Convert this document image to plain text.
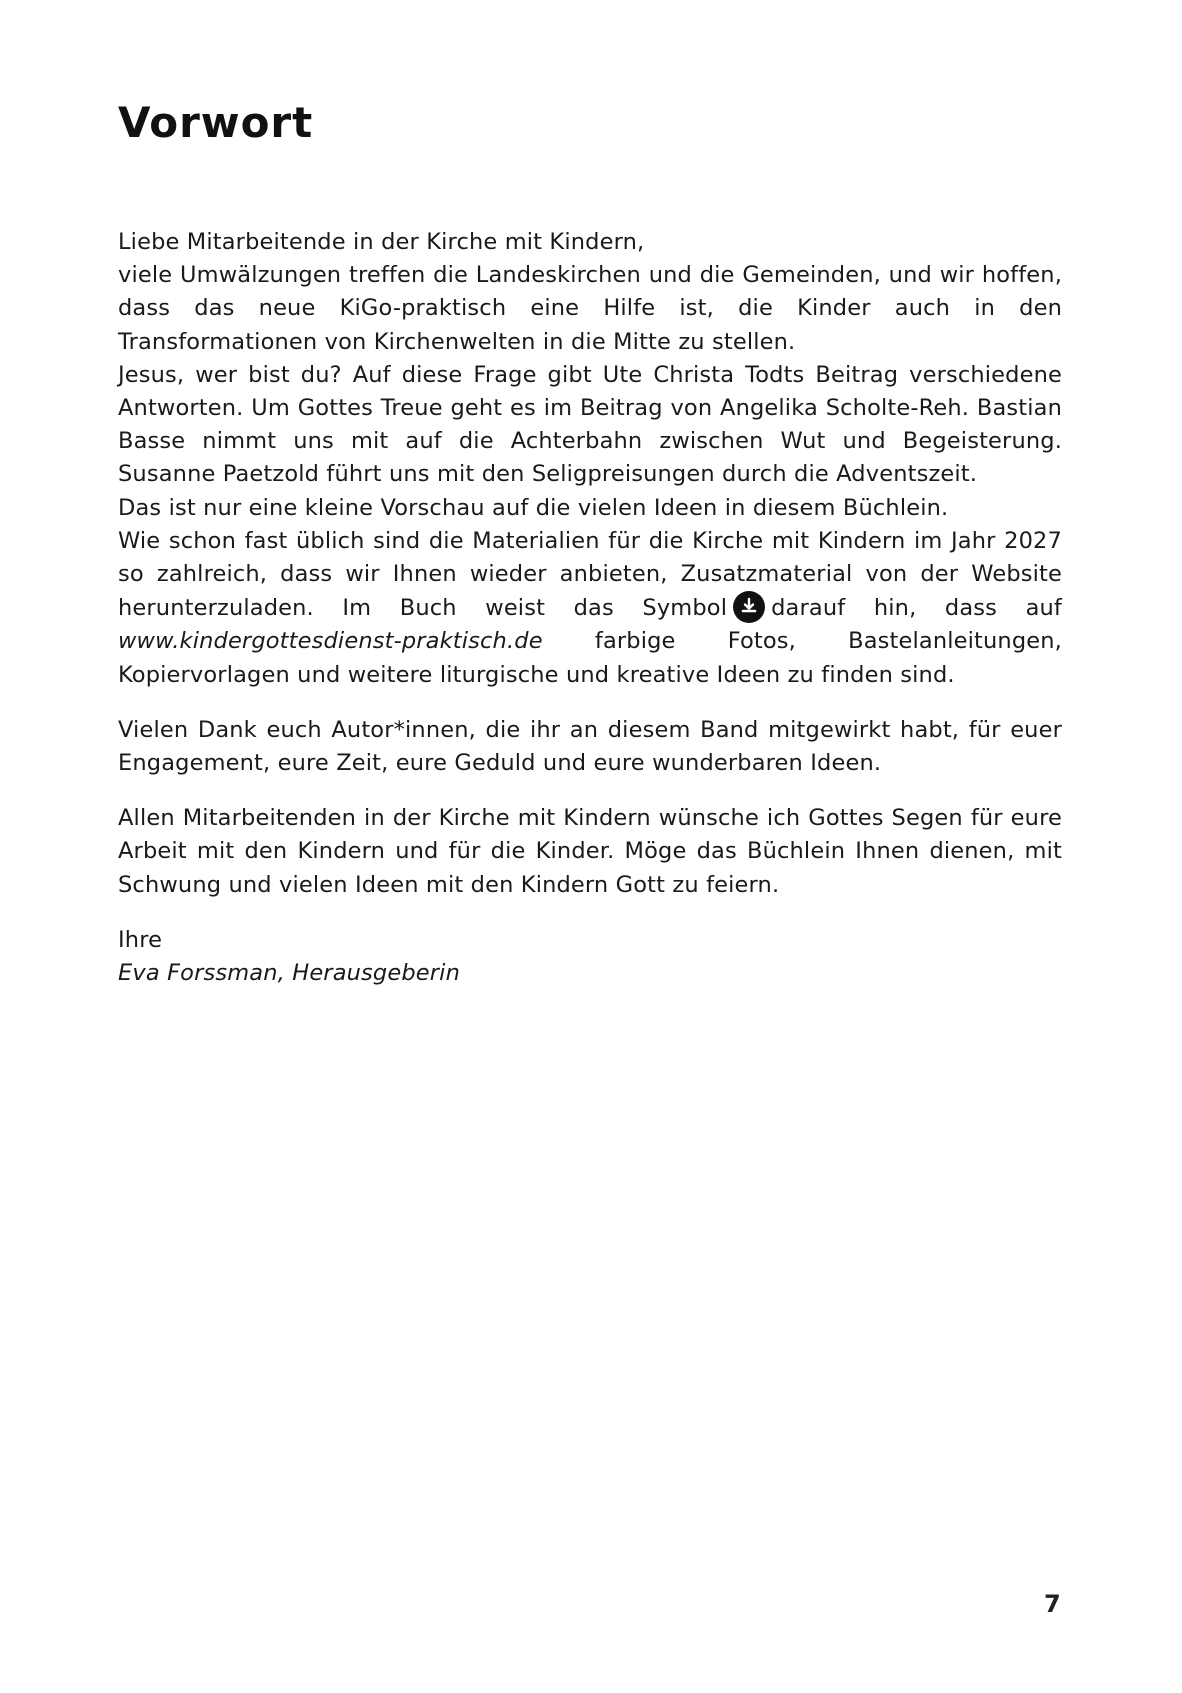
Vorwort

Liebe Mitarbeitende in der Kirche mit Kindern,

viele Umwälzungen treffen die Landeskirchen und die Gemeinden, und wir hoffen, dass das neue KiGo-praktisch eine Hilfe ist, die Kinder auch in den Transformationen von Kirchenwelten in die Mitte zu stellen.

Jesus, wer bist du? Auf diese Frage gibt Ute Christa Todts Beitrag verschiedene Antworten. Um Gottes Treue geht es im Beitrag von Angelika Scholte-Reh. Bastian Basse nimmt uns mit auf die Achterbahn zwischen Wut und Begeisterung. Susanne Paetzold führt uns mit den Seligpreisungen durch die Adventszeit.

Das ist nur eine kleine Vorschau auf die vielen Ideen in diesem Büchlein.

Wie schon fast üblich sind die Materialien für die Kirche mit Kindern im Jahr 2027 so zahlreich, dass wir Ihnen wieder anbieten, Zusatzmaterial von der Website herunterzuladen. Im Buch weist das Symbol darauf hin, dass auf www.kindergottesdienst-praktisch.de farbige Fotos, Bastelanleitungen, Kopiervorlagen und weitere liturgische und kreative Ideen zu finden sind.

Vielen Dank euch Autor*innen, die ihr an diesem Band mitgewirkt habt, für euer Engagement, eure Zeit, eure Geduld und eure wunderbaren Ideen.

Allen Mitarbeitenden in der Kirche mit Kindern wünsche ich Gottes Segen für eure Arbeit mit den Kindern und für die Kinder. Möge das Büchlein Ihnen dienen, mit Schwung und vielen Ideen mit den Kindern Gott zu feiern.

Ihre

Eva Forssman, Herausgeberin

7
